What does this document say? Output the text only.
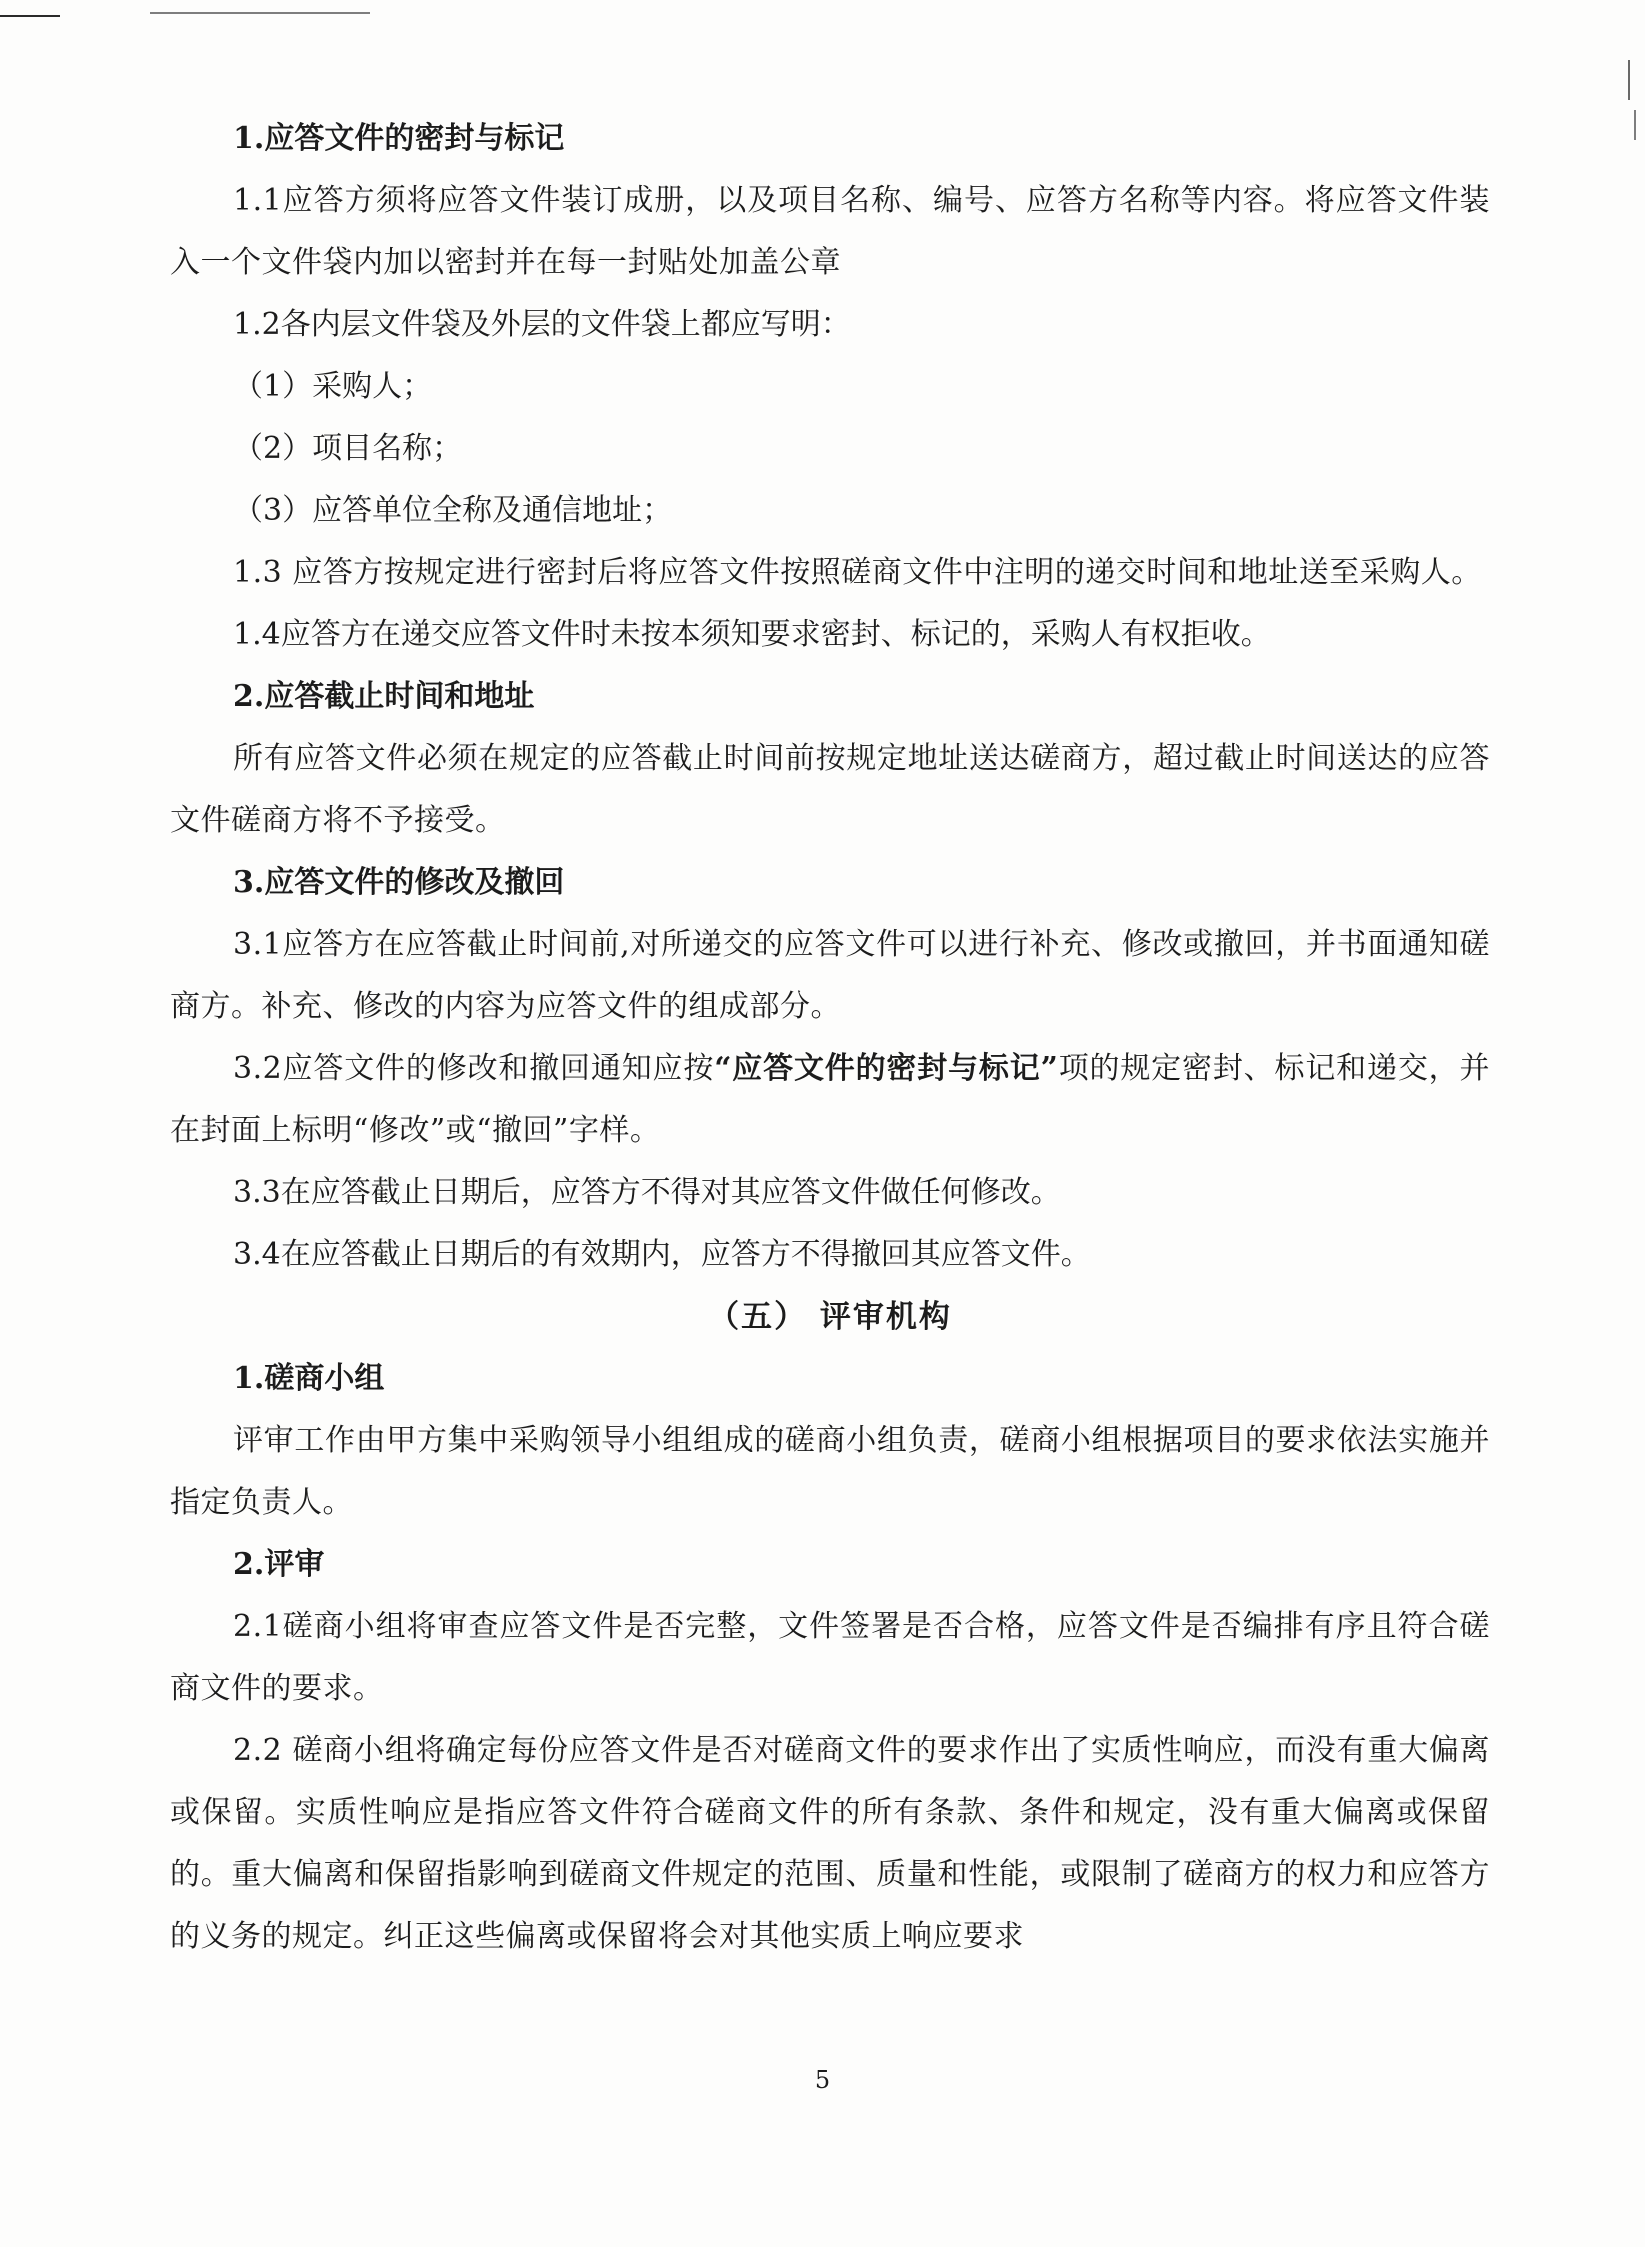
1.应答文件的密封与标记

1.1应答方须将应答文件装订成册，以及项目名称、编号、应答方名称等内容。将应答文件装入一个文件袋内加以密封并在每一封贴处加盖公章

1.2各内层文件袋及外层的文件袋上都应写明：

（1）采购人；

（2）项目名称；

（3）应答单位全称及通信地址；

1.3 应答方按规定进行密封后将应答文件按照磋商文件中注明的递交时间和地址送至采购人。

1.4应答方在递交应答文件时未按本须知要求密封、标记的，采购人有权拒收。

2.应答截止时间和地址

所有应答文件必须在规定的应答截止时间前按规定地址送达磋商方，超过截止时间送达的应答文件磋商方将不予接受。

3.应答文件的修改及撤回

3.1应答方在应答截止时间前,对所递交的应答文件可以进行补充、修改或撤回，并书面通知磋商方。补充、修改的内容为应答文件的组成部分。

3.2应答文件的修改和撤回通知应按“应答文件的密封与标记”项的规定密封、标记和递交，并在封面上标明“修改”或“撤回”字样。

3.3在应答截止日期后，应答方不得对其应答文件做任何修改。

3.4在应答截止日期后的有效期内，应答方不得撤回其应答文件。

（五） 评审机构

1.磋商小组

评审工作由甲方集中采购领导小组组成的磋商小组负责，磋商小组根据项目的要求依法实施并指定负责人。

2.评审

2.1磋商小组将审查应答文件是否完整，文件签署是否合格，应答文件是否编排有序且符合磋商文件的要求。

2.2 磋商小组将确定每份应答文件是否对磋商文件的要求作出了实质性响应，而没有重大偏离或保留。实质性响应是指应答文件符合磋商文件的所有条款、条件和规定，没有重大偏离或保留的。重大偏离和保留指影响到磋商文件规定的范围、质量和性能，或限制了磋商方的权力和应答方的义务的规定。纠正这些偏离或保留将会对其他实质上响应要求

5
